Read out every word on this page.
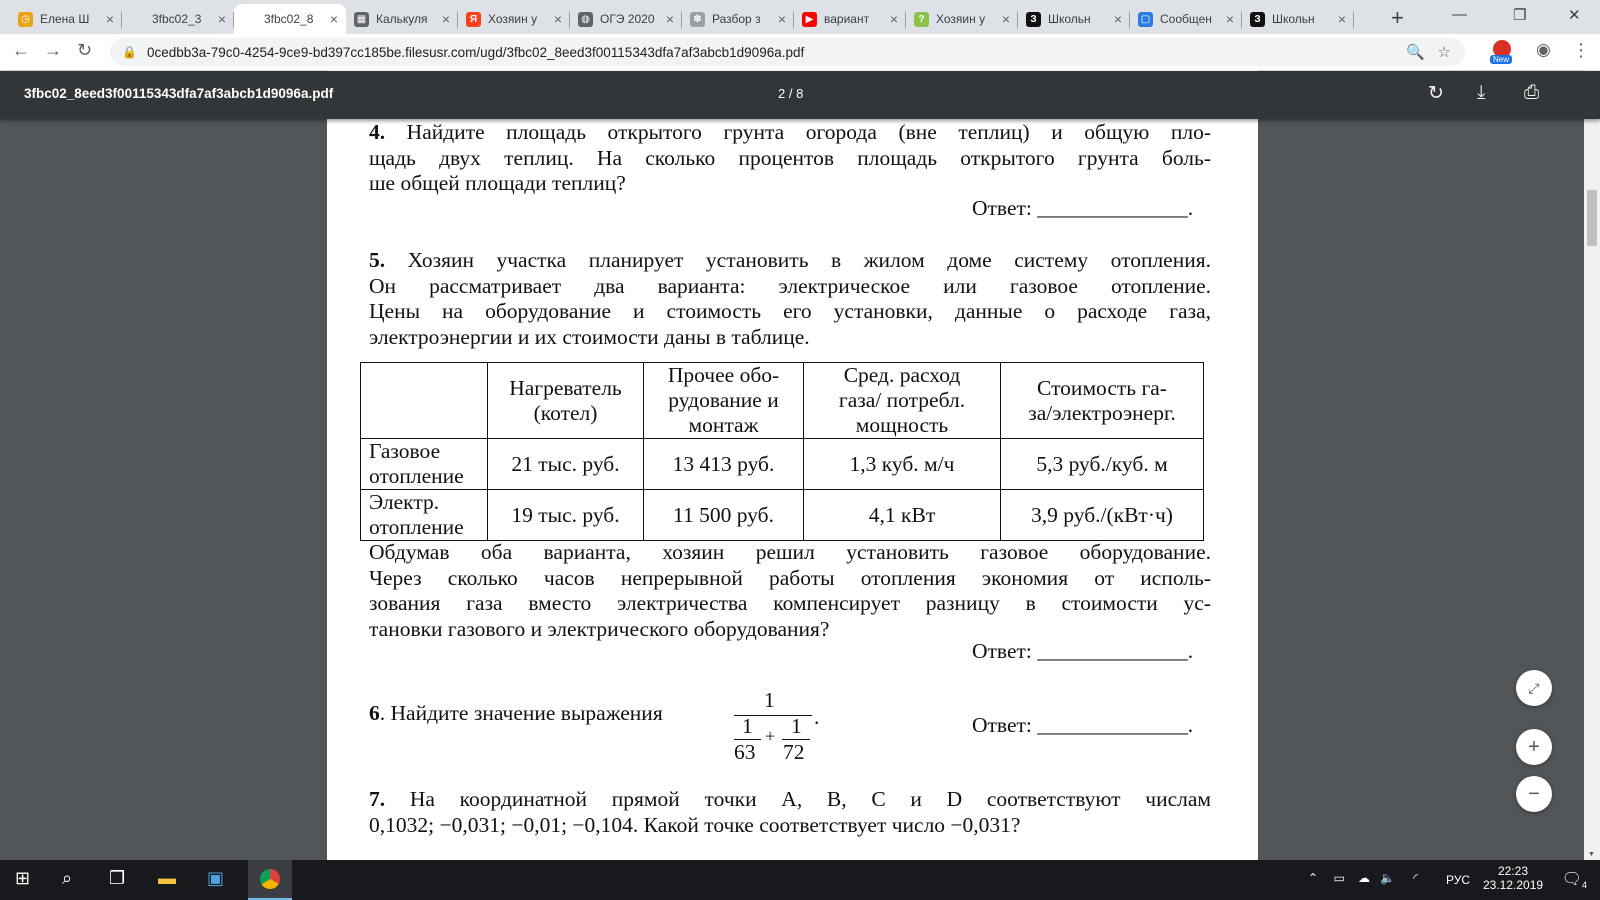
◷ Елена Ш	×	3fbc02_3	×	3fbc02_8	× ▦ Калькуля	×	Я Хозяин у	×	◍ ОГЭ 2020 ×	✽ Разбор з	×	▶ вариант	×	? Хозяин у	×	З Школьн	× ▢ Сообщен ×	З Школьн	× +	—	❐	✕
← → ↻ 🔒 0cedbb3a-79c0-4254-9ce9-bd397cc185be.filesusr.com/ugd/3fbc02_8eed3f00115343dfa7af3abcb1d9096a.pdf	🔍   ☆	◉ ⋮
New
3fbc02_8eed3f00115343dfa7af3abcb1d9096a.pdf	2 / 8	↻ ⤓ ⎙
▼
4. Найдите площадь открытого грунта огорода (вне теплиц) и общую пло-
щадь двух теплиц. На сколько процентов площадь открытого грунта боль-
ше общей площади теплиц?
Ответ: ______________.
5. Хозяин участка планирует установить в жилом доме систему отопления.
Он рассматривает два варианта: электрическое или газовое отопление.
Цены на оборудование и стоимость его установки, данные о расходе газа,
электроэнергии и их стоимости даны в таблице.
	Нагреватель
(котел)	Прочее обо-
рудование и
монтаж	Сред. расход
газа/ потребл.
мощность	Стоимость га-
за/электроэнерг.
Газовое
отопление	21 тыс. руб.	13 413 руб.	1,3 куб. м/ч	5,3 руб./куб. м
Электр.
отопление	19 тыс. руб.	11 500 руб.	4,1 кВт	3,9 руб./(кВт·ч)
Обдумав оба варианта, хозяин решил установить газовое оборудование.
Через сколько часов непрерывной работы отопления экономия от исполь-
зования газа вместо электричества компенсирует разницу в стоимости ус-
тановки газового и электрического оборудования?
Ответ: ______________.
6. Найдите значение выражения
1
1
63
+ 1
72
.	Ответ: ______________.
7. На координатной прямой точки A, B, C и D соответствуют числам
0,1032; −0,031; −0,01; −0,104. Какой точке соответствует число −0,031?
⤢
+
−
⊞ ⌕ ❐ ▬ ▣	⌃ ▭ ☁ 🔈 ◜ РУС
22:23
23.12.2019 🗨 4
